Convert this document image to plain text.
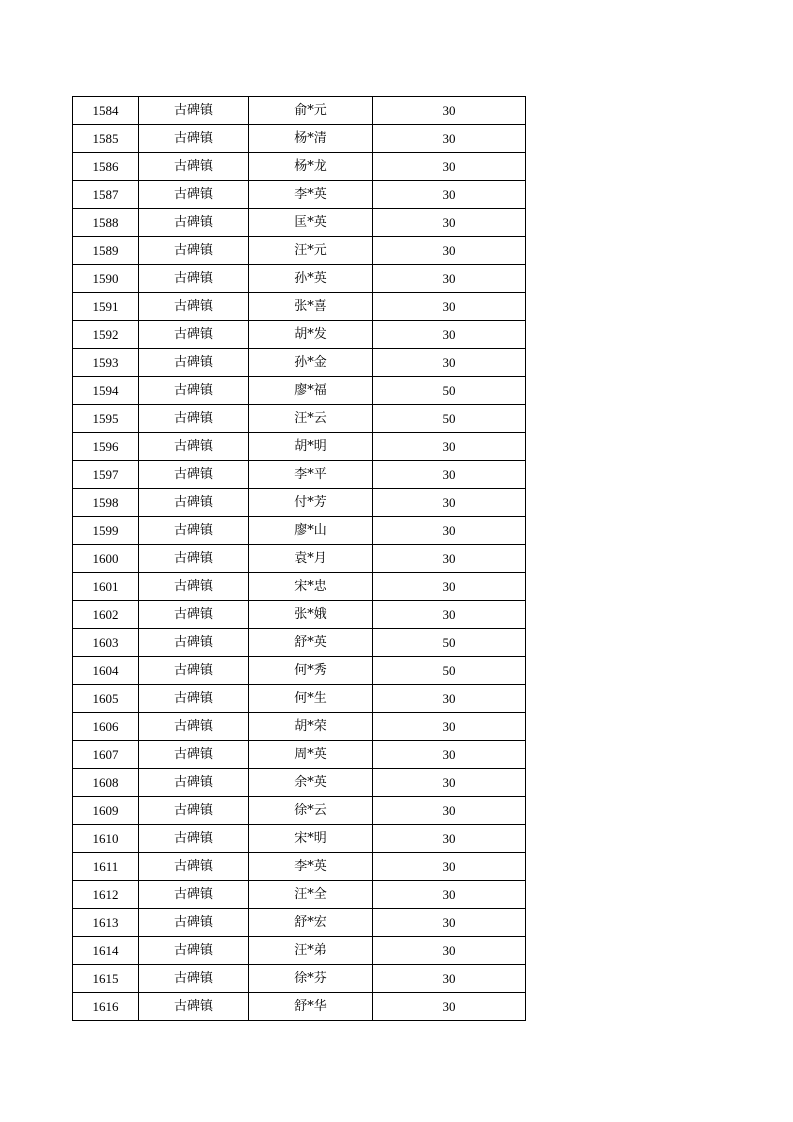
1584	古碑镇	俞*元	30
1585	古碑镇	杨*清	30
1586	古碑镇	杨*龙	30
1587	古碑镇	李*英	30
1588	古碑镇	匡*英	30
1589	古碑镇	汪*元	30
1590	古碑镇	孙*英	30
1591	古碑镇	张*喜	30
1592	古碑镇	胡*发	30
1593	古碑镇	孙*金	30
1594	古碑镇	廖*福	50
1595	古碑镇	汪*云	50
1596	古碑镇	胡*明	30
1597	古碑镇	李*平	30
1598	古碑镇	付*芳	30
1599	古碑镇	廖*山	30
1600	古碑镇	袁*月	30
1601	古碑镇	宋*忠	30
1602	古碑镇	张*娥	30
1603	古碑镇	舒*英	50
1604	古碑镇	何*秀	50
1605	古碑镇	何*生	30
1606	古碑镇	胡*荣	30
1607	古碑镇	周*英	30
1608	古碑镇	余*英	30
1609	古碑镇	徐*云	30
1610	古碑镇	宋*明	30
1611	古碑镇	李*英	30
1612	古碑镇	汪*全	30
1613	古碑镇	舒*宏	30
1614	古碑镇	汪*弟	30
1615	古碑镇	徐*芬	30
1616	古碑镇	舒*华	30
